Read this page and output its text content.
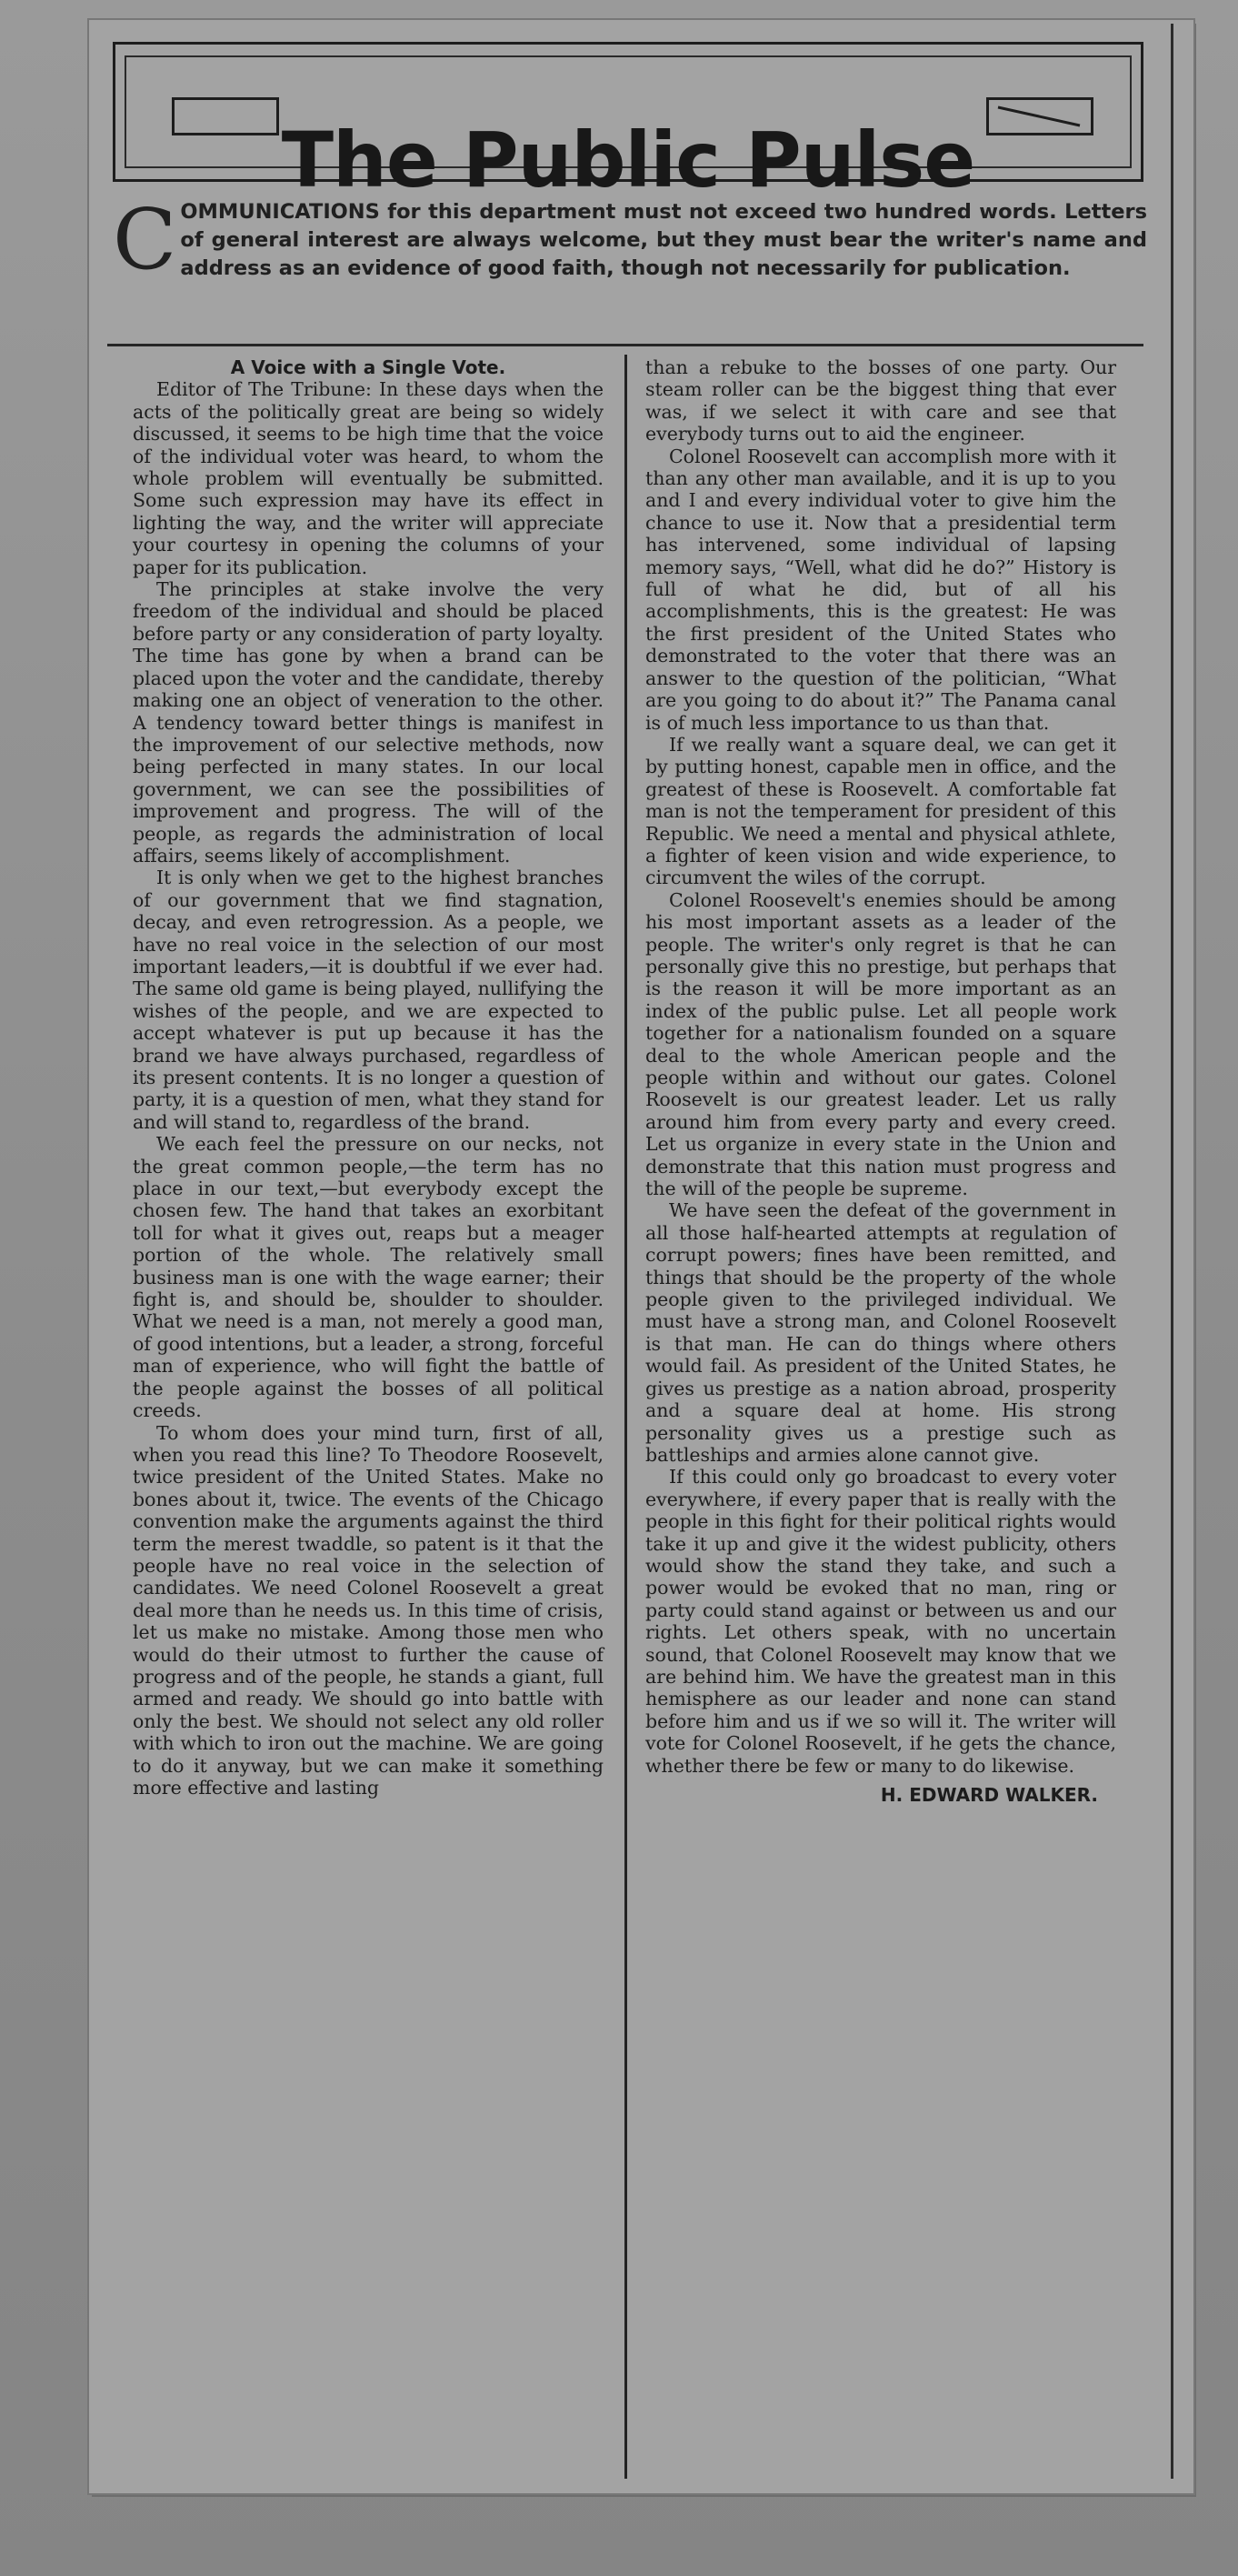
The Public Pulse
C OMMUNICATIONS for this department must not exceed two hundred words. Letters of general interest are always welcome, but they must bear the writer's name and address as an evidence of good faith, though not necessarily for publication.

A Voice with a Single Vote.

Editor of The Tribune: In these days when the acts of the politically great are being so widely discussed, it seems to be high time that the voice of the individual voter was heard, to whom the whole problem will eventually be submitted. Some such expression may have its effect in lighting the way, and the writer will appreciate your courtesy in opening the columns of your paper for its publication.

The principles at stake involve the very freedom of the individual and should be placed before party or any consideration of party loyalty. The time has gone by when a brand can be placed upon the voter and the candidate, thereby making one an object of veneration to the other. A tendency toward better things is manifest in the improvement of our selective methods, now being perfected in many states. In our local government, we can see the possibilities of improvement and progress. The will of the people, as regards the administration of local affairs, seems likely of accomplishment.

It is only when we get to the highest branches of our government that we find stagnation, decay, and even retrogression. As a people, we have no real voice in the selection of our most important leaders,—it is doubtful if we ever had. The same old game is being played, nullifying the wishes of the people, and we are expected to accept whatever is put up because it has the brand we have always purchased, regardless of its present contents. It is no longer a question of party, it is a question of men, what they stand for and will stand to, regardless of the brand.

We each feel the pressure on our necks, not the great common people,—the term has no place in our text,—but everybody except the chosen few. The hand that takes an exorbitant toll for what it gives out, reaps but a meager portion of the whole. The relatively small business man is one with the wage earner; their fight is, and should be, shoulder to shoulder. What we need is a man, not merely a good man, of good intentions, but a leader, a strong, forceful man of experience, who will fight the battle of the people against the bosses of all political creeds.

To whom does your mind turn, first of all, when you read this line? To Theodore Roosevelt, twice president of the United States. Make no bones about it, twice. The events of the Chicago convention make the arguments against the third term the merest twaddle, so patent is it that the people have no real voice in the selection of candidates. We need Colonel Roosevelt a great deal more than he needs us. In this time of crisis, let us make no mistake. Among those men who would do their utmost to further the cause of progress and of the people, he stands a giant, full armed and ready. We should go into battle with only the best. We should not select any old roller with which to iron out the machine. We are going to do it anyway, but we can make it something more effective and lasting

than a rebuke to the bosses of one party. Our steam roller can be the biggest thing that ever was, if we select it with care and see that everybody turns out to aid the engineer.

Colonel Roosevelt can accomplish more with it than any other man available, and it is up to you and I and every individual voter to give him the chance to use it. Now that a presidential term has intervened, some individual of lapsing memory says, “Well, what did he do?” History is full of what he did, but of all his accomplishments, this is the greatest: He was the first president of the United States who demonstrated to the voter that there was an answer to the question of the politician, “What are you going to do about it?” The Panama canal is of much less importance to us than that.

If we really want a square deal, we can get it by putting honest, capable men in office, and the greatest of these is Roosevelt. A comfortable fat man is not the temperament for president of this Republic. We need a mental and physical athlete, a fighter of keen vision and wide experience, to circumvent the wiles of the corrupt.

Colonel Roosevelt's enemies should be among his most important assets as a leader of the people. The writer's only regret is that he can personally give this no prestige, but perhaps that is the reason it will be more important as an index of the public pulse. Let all people work together for a nationalism founded on a square deal to the whole American people and the people within and without our gates. Colonel Roosevelt is our greatest leader. Let us rally around him from every party and every creed. Let us organize in every state in the Union and demonstrate that this nation must progress and the will of the people be supreme.

We have seen the defeat of the government in all those half-hearted attempts at regulation of corrupt powers; fines have been remitted, and things that should be the property of the whole people given to the privileged individual. We must have a strong man, and Colonel Roosevelt is that man. He can do things where others would fail. As president of the United States, he gives us prestige as a nation abroad, prosperity and a square deal at home. His strong personality gives us a prestige such as battleships and armies alone cannot give.

If this could only go broadcast to every voter everywhere, if every paper that is really with the people in this fight for their political rights would take it up and give it the widest publicity, others would show the stand they take, and such a power would be evoked that no man, ring or party could stand against or between us and our rights. Let others speak, with no uncertain sound, that Colonel Roosevelt may know that we are behind him. We have the greatest man in this hemisphere as our leader and none can stand before him and us if we so will it. The writer will vote for Colonel Roosevelt, if he gets the chance, whether there be few or many to do likewise.

H. EDWARD WALKER.
